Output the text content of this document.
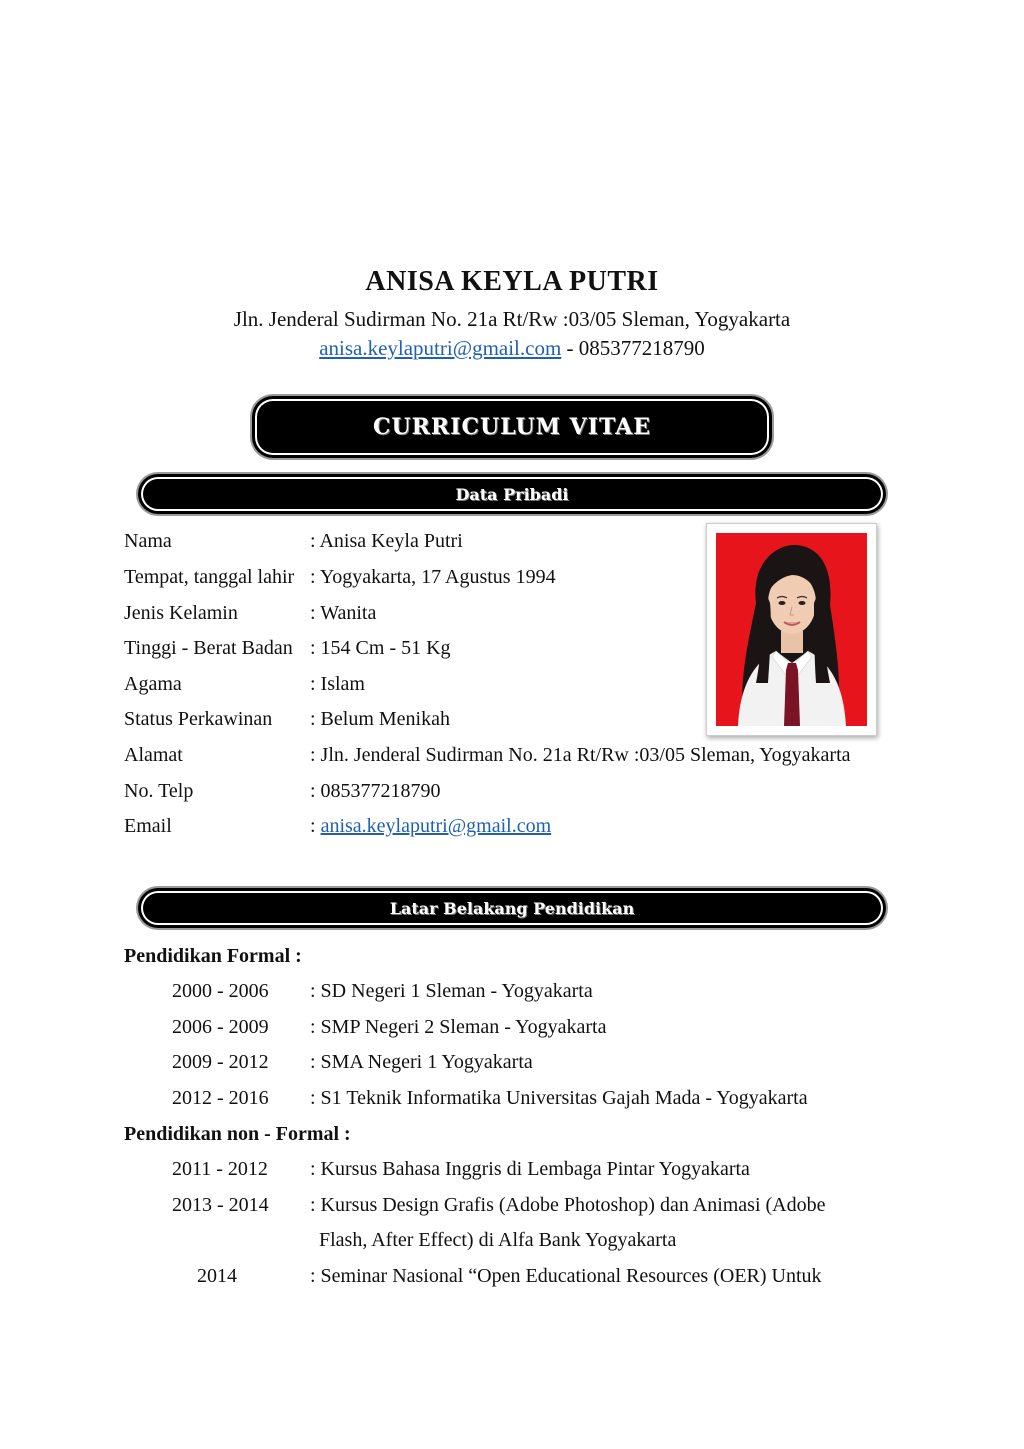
ANISA KEYLA PUTRI
Jln. Jenderal Sudirman No. 21a Rt/Rw :03/05 Sleman, Yogyakarta
anisa.keylaputri@gmail.com - 085377218790
CURRICULUM VITAE
Data Pribadi
Nama	: Anisa Keyla Putri
Tempat, tanggal lahir : Yogyakarta, 17 Agustus 1994
Jenis Kelamin	: Wanita
Tinggi - Berat Badan : 154 Cm - 51 Kg
Agama	: Islam
Status Perkawinan : Belum Menikah
Alamat	: Jln. Jenderal Sudirman No. 21a Rt/Rw :03/05 Sleman, Yogyakarta
No. Telp	: 085377218790
Email	: anisa.keylaputri@gmail.com
Latar Belakang Pendidikan
Pendidikan Formal :
2000 - 2006 : SD Negeri 1 Sleman - Yogyakarta
2006 - 2009 : SMP Negeri 2 Sleman - Yogyakarta
2009 - 2012 : SMA Negeri 1 Yogyakarta
2012 - 2016 : S1 Teknik Informatika Universitas Gajah Mada - Yogyakarta
Pendidikan non - Formal :
2011 - 2012 : Kursus Bahasa Inggris di Lembaga Pintar Yogyakarta
2013 - 2014 : Kursus Design Grafis (Adobe Photoshop) dan Animasi (Adobe
Flash, After Effect) di Alfa Bank Yogyakarta
2014	: Seminar Nasional “Open Educational Resources (OER) Untuk
